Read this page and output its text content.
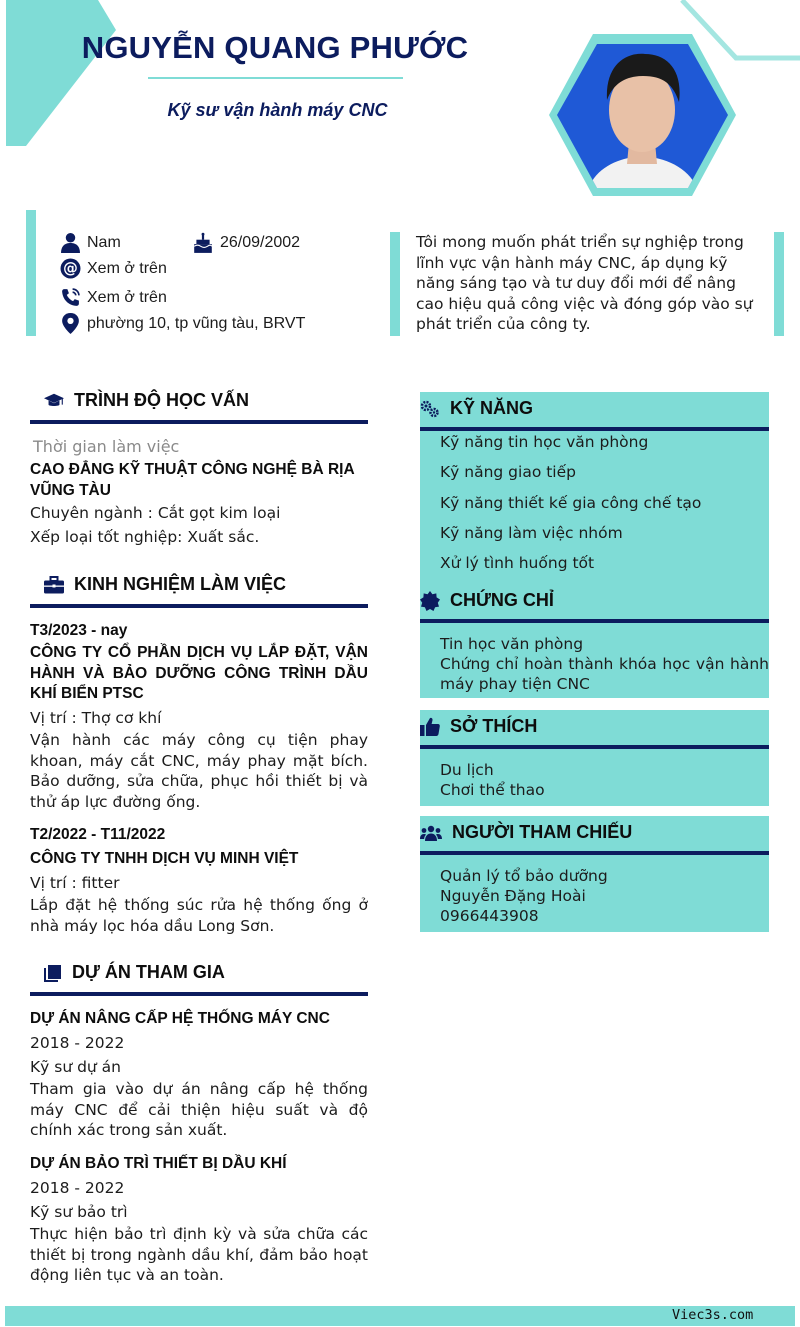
NGUYỄN QUANG PHƯỚC
Kỹ sư vận hành máy CNC
Nam	26/09/2002
@ Xem ở trên
Xem ở trên
phường 10, tp vũng tàu, BRVT
Tôi mong muốn phát triển sự nghiệp trong lĩnh vực vận hành máy CNC, áp dụng kỹ năng sáng tạo và tư duy đổi mới để nâng cao hiệu quả công việc và đóng góp vào sự phát triển của công ty.
TRÌNH ĐỘ HỌC VẤN
Thời gian làm việc
CAO ĐẲNG KỸ THUẬT CÔNG NGHỆ BÀ RỊA VŨNG TÀU
Chuyên ngành : Cắt gọt kim loại
Xếp loại tốt nghiệp: Xuất sắc.
KINH NGHIỆM LÀM VIỆC
T3/2023 - nay
CÔNG TY CỔ PHẦN DỊCH VỤ LẮP ĐẶT, VẬN HÀNH VÀ BẢO DƯỠNG CÔNG TRÌNH DẦU KHÍ BIỂN PTSC
Vị trí : Thợ cơ khí
Vận hành các máy công cụ tiện phay khoan, máy cắt CNC, máy phay mặt bích. Bảo dưỡng, sửa chữa, phục hồi thiết bị và thử áp lực đường ống.
T2/2022 - T11/2022
CÔNG TY TNHH DỊCH VỤ MINH VIỆT
Vị trí : fitter
Lắp đặt hệ thống súc rửa hệ thống ống ở nhà máy lọc hóa dầu Long Sơn.
DỰ ÁN THAM GIA
DỰ ÁN NÂNG CẤP HỆ THỐNG MÁY CNC
2018 - 2022
Kỹ sư dự án
Tham gia vào dự án nâng cấp hệ thống máy CNC để cải thiện hiệu suất và độ chính xác trong sản xuất.
DỰ ÁN BẢO TRÌ THIẾT BỊ DẦU KHÍ
2018 - 2022
Kỹ sư bảo trì
Thực hiện bảo trì định kỳ và sửa chữa các thiết bị trong ngành dầu khí, đảm bảo hoạt động liên tục và an toàn.
KỸ NĂNG
Kỹ năng tin học văn phòng
Kỹ năng giao tiếp
Kỹ năng thiết kế gia công chế tạo
Kỹ năng làm việc nhóm
Xử lý tình huống tốt
CHỨNG CHỈ
Tin học văn phòng
Chứng chỉ hoàn thành khóa học vận hành máy phay tiện CNC
SỞ THÍCH
Du lịch
Chơi thể thao
NGƯỜI THAM CHIẾU
Quản lý tổ bảo dưỡng
Nguyễn Đặng Hoài
0966443908
Viec3s.com
